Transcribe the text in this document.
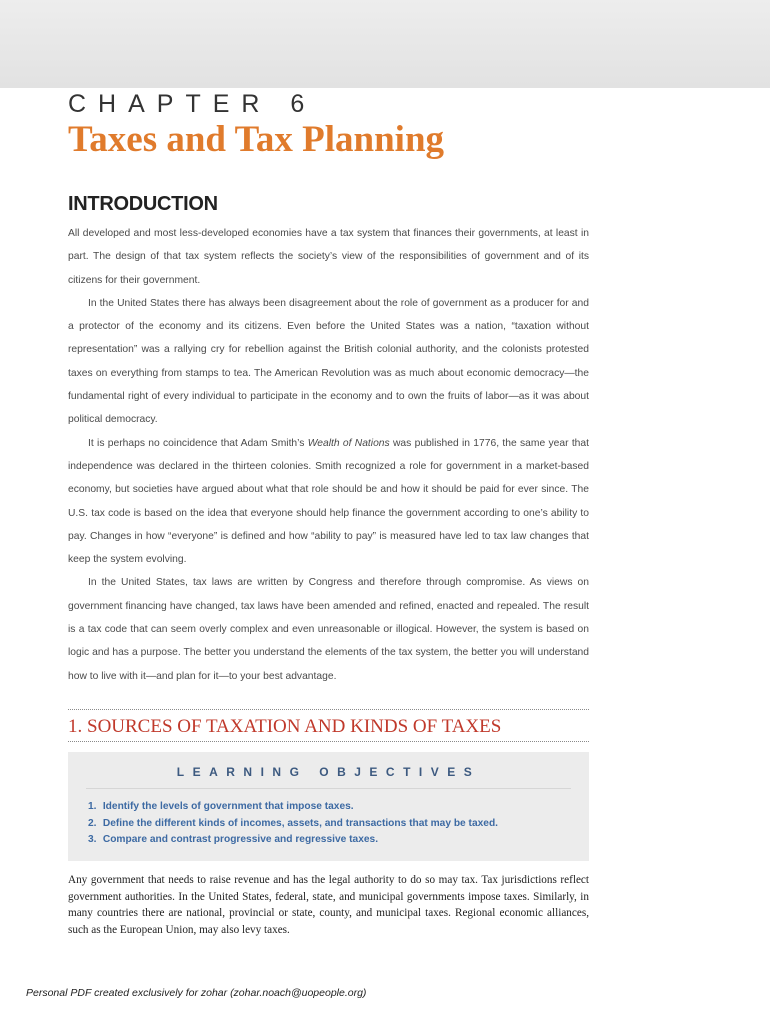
CHAPTER 6
Taxes and Tax Planning
INTRODUCTION

All developed and most less-developed economies have a tax system that finances their governments, at least in part. The design of that tax system reflects the society’s view of the responsibilities of government and of its citizens for their government.

In the United States there has always been disagreement about the role of government as a producer for and a protector of the economy and its citizens. Even before the United States was a nation, “taxation without representation” was a rallying cry for rebellion against the British colonial authority, and the colonists protested taxes on everything from stamps to tea. The American Revolution was as much about economic democracy—the fundamental right of every individual to participate in the economy and to own the fruits of labor—as it was about political democracy.

It is perhaps no coincidence that Adam Smith’s Wealth of Nations was published in 1776, the same year that independence was declared in the thirteen colonies. Smith recognized a role for government in a market-based economy, but societies have argued about what that role should be and how it should be paid for ever since. The U.S. tax code is based on the idea that everyone should help finance the government according to one’s ability to pay. Changes in how “everyone” is defined and how “ability to pay” is measured have led to tax law changes that keep the system evolving.

In the United States, tax laws are written by Congress and therefore through compromise. As views on government financing have changed, tax laws have been amended and refined, enacted and repealed. The result is a tax code that can seem overly complex and even unreasonable or illogical. However, the system is based on logic and has a purpose. The better you understand the elements of the tax system, the better you will understand how to live with it—and plan for it—to your best advantage.

1. SOURCES OF TAXATION AND KINDS OF TAXES
LEARNING OBJECTIVES
1. Identify the levels of government that impose taxes.
2. Define the different kinds of incomes, assets, and transactions that may be taxed.
3. Compare and contrast progressive and regressive taxes.

Any government that needs to raise revenue and has the legal authority to do so may tax. Tax jurisdictions reflect government authorities. In the United States, federal, state, and municipal governments impose taxes. Similarly, in many countries there are national, provincial or state, county, and municipal taxes. Regional economic alliances, such as the European Union, may also levy taxes.

Personal PDF created exclusively for zohar (zohar.noach@uopeople.org)
